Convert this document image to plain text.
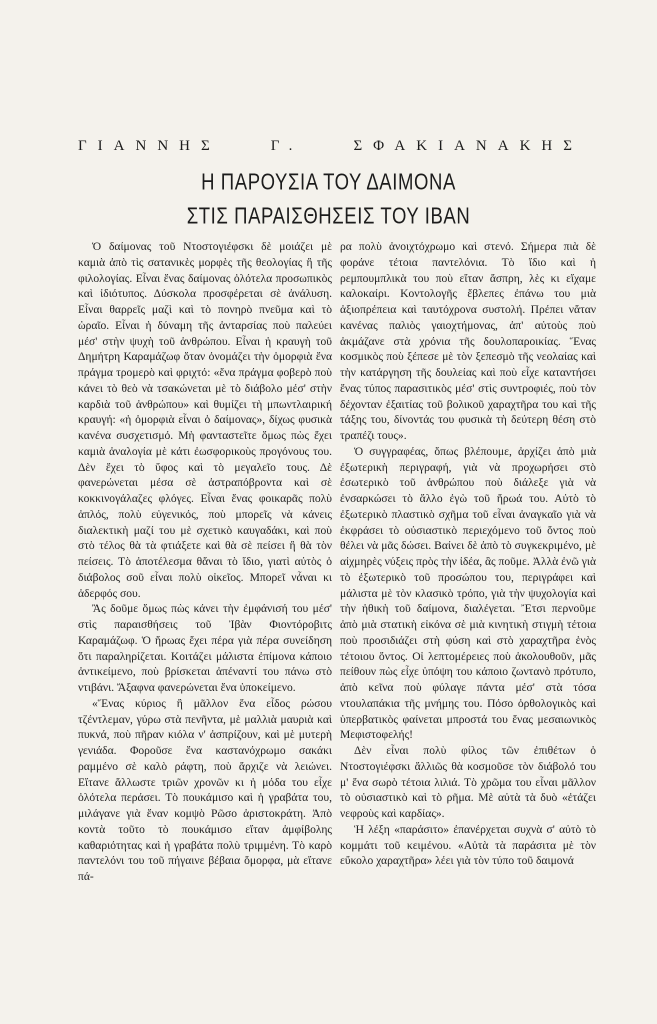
ΓΙΑΝΝΗΣ	Γ.	ΣΦΑΚΙΑΝΑΚΗΣ
Η ΠΑΡΟΥΣΙΑ ΤΟΥ ΔΑΙΜΟΝΑ
ΣΤΙΣ ΠΑΡΑΙΣΘΗΣΕΙΣ ΤΟΥ ΙΒΑΝ

Ὁ δαίμονας τοῦ Ντοστογιέφσκι δὲ μοιάζει μὲ καμιὰ ἀπὸ τὶς σατανικὲς μορφὲς τῆς θεολογίας ἢ τῆς φιλολογίας. Εἶναι ἕνας δαίμονας ὁλότελα προσωπικὸς καὶ ἰδιότυπος. Δύσκολα προσφέρεται σὲ ἀνάλυση. Εἶναι θαρρεῖς μαζὶ καὶ τὸ πονηρὸ πνεῦμα καὶ τὸ ὡραῖο. Εἶναι ἡ δύναμη τῆς ἀνταρσίας ποὺ παλεύει μέσ' στὴν ψυχὴ τοῦ ἀνθρώπου. Εἶναι ἡ κραυγὴ τοῦ Δημήτρη Καραμάζωφ ὅταν ὀνομάζει τὴν ὀμορφιὰ ἕνα πράγμα τρομερὸ καὶ φριχτό: «ἕνα πράγμα φοβερὸ ποὺ κάνει τὸ θεὸ νὰ τσακώνεται μὲ τὸ διάβολο μέσ' στὴν καρδιὰ τοῦ ἀνθρώπου» καὶ θυμίζει τὴ μπωντλαιρική κραυγή: «ἡ ὀμορφιὰ εἶναι ὁ δαίμονας», δίχως φυσικὰ κανένα συσχετισμό. Μὴ φανταστεῖτε ὅμως πὼς ἔχει καμιὰ ἀναλογία μὲ κάτι ἐωσφορικοὺς προγόνους του. Δὲν ἔχει τὸ ὕφος καὶ τὸ μεγαλεῖο τους. Δὲ φανερώνεται μέσα σὲ ἀστραπόβροντα καὶ σὲ κοκκινογάλαζες φλόγες. Εἶναι ἕνας φοικαρᾶς πολὺ ἁπλός, πολὺ εὐγενικός, ποὺ μπορεῖς νὰ κάνεις διαλεκτικὴ μαζί του μὲ σχετικὸ καυγαδάκι, καὶ ποὺ στὸ τέλος θὰ τὰ φτιάξετε καὶ θὰ σὲ πείσει ἢ θὰ τὸν πείσεις. Τὸ ἀποτέλεσμα θἄναι τὸ ἴδιο, γιατὶ αὐτὸς ὁ διάβολος σοῦ εἶναι πολὺ οἰκεῖος. Μπορεῖ νἆναι κι ἀδερφός σου.

Ἂς δοῦμε ὅμως πὼς κάνει τὴν ἐμφάνισή του μέσ' στὶς παραισθήσεις τοῦ Ἰβὰν Φιοντόροβιτς Καραμάζωφ. Ὁ ἥρωας ἔχει πέρα γιὰ πέρα συνείδηση ὅτι παραληρίζεται. Κοιτάζει μάλιστα ἐπίμονα κάποιο ἀντικείμενο, ποὺ βρίσκεται ἀπέναντί του πάνω στὸ ντιβάνι. Ἄξαφνα φανερώνεται ἕνα ὑποκείμενο.

«Ἕνας κύριος ἢ μᾶλλον ἕνα εἶδος ρώσου τζέντλεμαν, γύρω στὰ πενῆντα, μὲ μαλλιὰ μαυριὰ καὶ πυκνά, ποὺ πῆραν κιόλα ν' ἀσπρίζουν, καὶ μὲ μυτερὴ γενιάδα. Φοροῦσε ἕνα καστανόχρωμο σακάκι ραμμένο σὲ καλὸ ράφτη, ποὺ ἄρχιζε νὰ λειώνει. Εἴτανε ἄλλωστε τριῶν χρονῶν κι ἡ μόδα του εἶχε ὁλότελα περάσει. Τὸ πουκάμισο καὶ ἡ γραβάτα του, μιλάγανε γιὰ ἕναν κομψὸ Ρῶσο ἀριστοκράτη. Ἀπὸ κοντὰ τοῦτο τὸ πουκάμισο εἴταν ἀμφίβολης καθαριότητας καὶ ἡ γραβάτα πολὺ τριμμένη. Τὸ καρὸ παντελόνι του τοῦ πήγαινε βέβαια ὄμορφα, μὰ εἴτανε πά-

ρα πολὺ ἀνοιχτόχρωμο καὶ στενό. Σήμερα πιὰ δὲ φοράνε τέτοια παντελόνια. Τὸ ἴδιο καὶ ἡ ρεμπουμπλικὰ του ποὺ εἴταν ἄσπρη, λὲς κι εἴχαμε καλοκαίρι. Κοντολογῆς ἔβλεπες ἐπάνω του μιὰ ἀξιοπρέπεια καὶ ταυτόχρονα συστολή. Πρέπει νἄταν κανένας παλιὸς γαιοχτήμονας, ἀπ' αὐτοὺς ποὺ ἀκμάζανε στὰ χρόνια τῆς δουλοπαροικίας. Ἕνας κοσμικὸς ποὺ ξέπεσε μὲ τὸν ξεπεσμὸ τῆς νεολαίας καὶ τὴν κατάργηση τῆς δουλείας καὶ ποὺ εἶχε καταντήσει ἕνας τύπος παρασιτικὸς μέσ' στὶς συντροφιές, ποὺ τὸν δέχονταν ἐξαιτίας τοῦ βολικοῦ χαραχτῆρα του καὶ τῆς τάξης του, δίνοντάς του φυσικὰ τὴ δεύτερη θέση στὸ τραπέζι τους».

Ὁ συγγραφέας, ὅπως βλέπουμε, ἀρχίζει ἀπὸ μιὰ ἐξωτερικὴ περιγραφή, γιὰ νὰ προχωρήσει στὸ ἐσωτερικὸ τοῦ ἀνθρώπου ποὺ διάλεξε γιὰ νὰ ἐνσαρκώσει τὸ ἄλλο ἐγὼ τοῦ ἥρωά του. Αὐτὸ τὸ ἐξωτερικὸ πλαστικὸ σχῆμα τοῦ εἶναι ἀναγκαῖο γιὰ νὰ ἐκφράσει τὸ οὐσιαστικὸ περιεχόμενο τοῦ ὄντος ποὺ θέλει νὰ μᾶς δώσει. Βαίνει δὲ ἀπὸ τὸ συγκεκριμένο, μὲ αἰχμηρὲς νύξεις πρὸς τὴν ἰδέα, ἂς ποῦμε. Ἀλλὰ ἐνῶ γιὰ τὸ ἐξωτερικὸ τοῦ προσώπου του, περιγράφει καὶ μάλιστα μὲ τὸν κλασικὸ τρόπο, γιὰ τὴν ψυχολογία καὶ τὴν ἠθικὴ τοῦ δαίμονα, διαλέγεται. Ἔτσι περνοῦμε ἀπὸ μιὰ στατικὴ εἰκόνα σὲ μιὰ κινητικὴ στιγμὴ τέτοια ποὺ προσιδιάζει στὴ φύση καὶ στὸ χαραχτῆρα ἑνὸς τέτοιου ὄντος. Οἱ λεπτομέρειες ποὺ ἀκολουθοῦν, μᾶς πείθουν πὼς εἶχε ὑπόψη του κάποιο ζωντανὸ πρότυπο, ἀπὸ κεῖνα ποὺ φύλαγε πάντα μέσ' στὰ τόσα ντουλαπάκια τῆς μνήμης του. Πόσο ὀρθολογικὸς καὶ ὑπερβατικὸς φαίνεται μπροστά του ἕνας μεσαιωνικὸς Μεφιστοφελής!

Δὲν εἶναι πολὺ φίλος τῶν ἐπιθέτων ὁ Ντοστογιέφσκι ἄλλιῶς θὰ κοσμοῦσε τὸν διάβολό του μ' ἕνα σωρὸ τέτοια λιλιά. Τὸ χρῶμα του εἶναι μᾶλλον τὸ οὐσιαστικὸ καὶ τὸ ρῆμα. Μὲ αὐτὰ τὰ δυὸ «ἐτάζει νεφροὺς καὶ καρδίας».

Ἡ λέξη «παράσιτο» ἐπανέρχεται συχνὰ σ' αὐτὸ τὸ κομμάτι τοῦ κειμένου. «Αὐτὰ τὰ παράσιτα μὲ τὸν εὔκολο χαραχτῆρα» λέει γιὰ τὸν τύπο τοῦ δαιμονά
